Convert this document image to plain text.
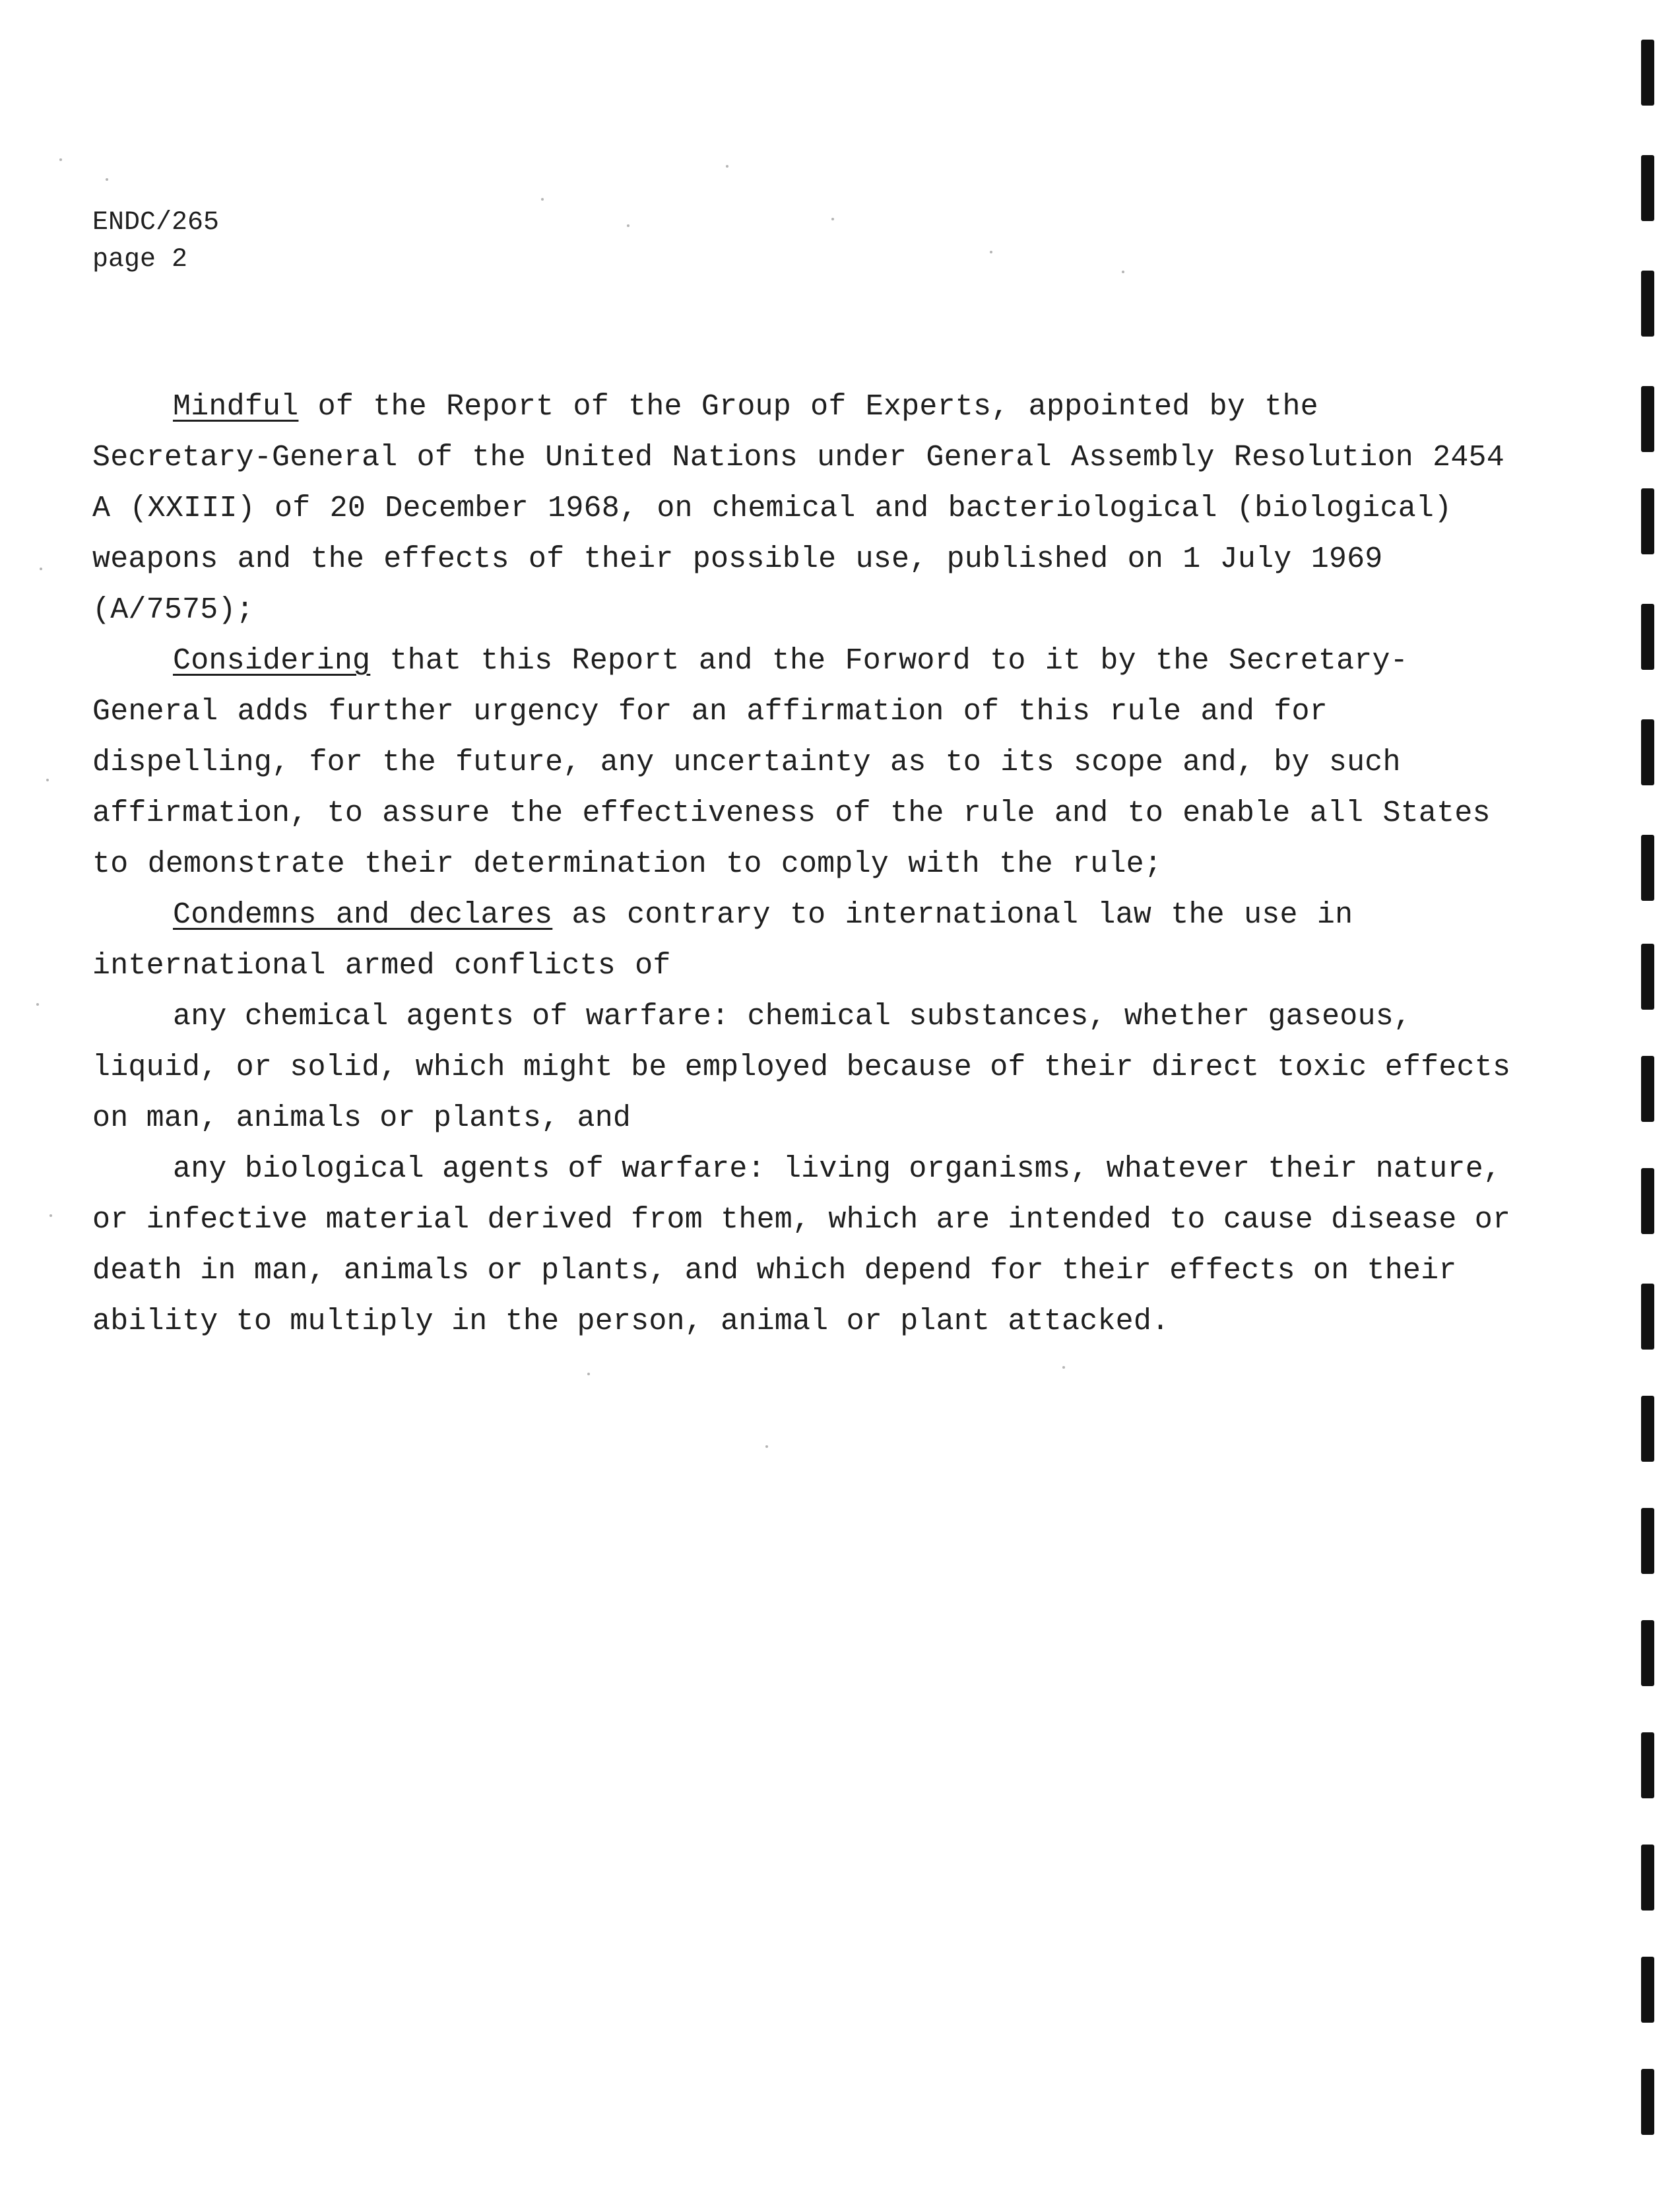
ENDC/265
page 2

Mindful of the Report of the Group of Experts, appointed by the Secretary-General of the United Nations under General Assembly Resolution 2454 A (XXIII) of 20 December 1968, on chemical and bacteriological (biological) weapons and the effects of their possible use, published on 1 July 1969 (A/7575);

Considering that this Report and the Forword to it by the Secretary-General adds further urgency for an affirmation of this rule and for dispelling, for the future, any uncertainty as to its scope and, by such affirmation, to assure the effectiveness of the rule and to enable all States to demonstrate their determination to comply with the rule;

Condemns and declares as contrary to international law the use in international armed conflicts of

any chemical agents of warfare: chemical substances, whether gaseous, liquid, or solid, which might be employed because of their direct toxic effects on man, animals or plants, and

any biological agents of warfare: living organisms, whatever their nature, or infective material derived from them, which are intended to cause disease or death in man, animals or plants, and which depend for their effects on their ability to multiply in the person, animal or plant attacked.
